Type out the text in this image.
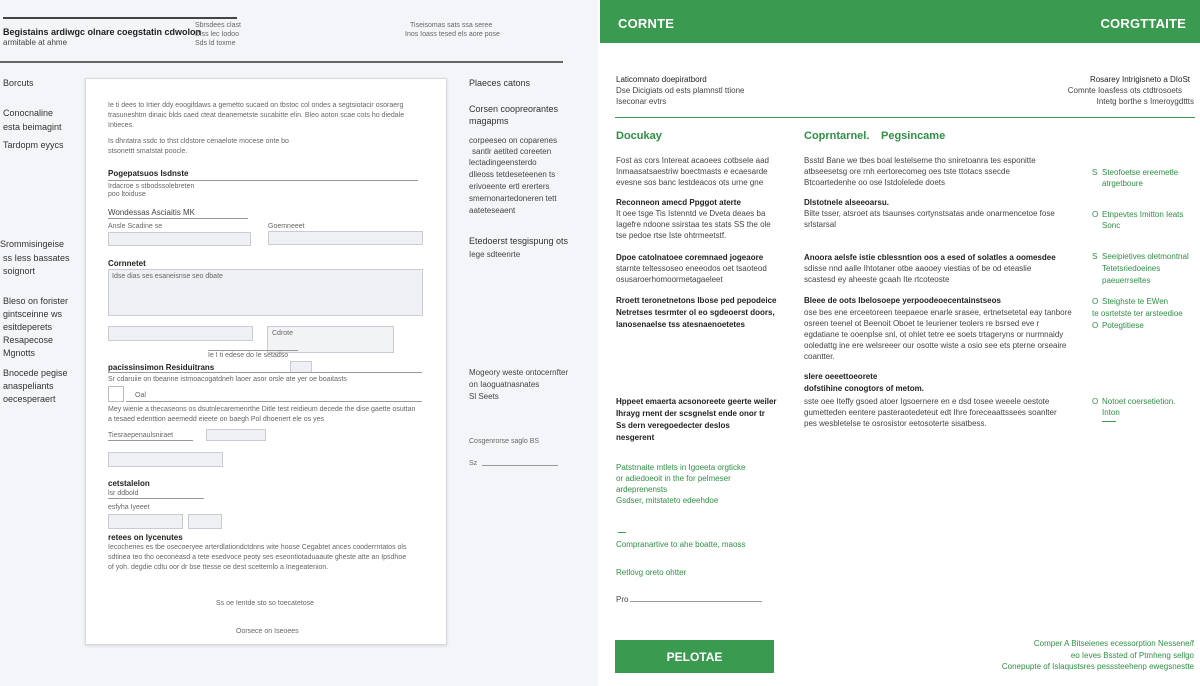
Begistains ardiwgc olnare coegstatin cdwolon
armitable at ahme
Sbrsdees clast
Dlss lec Iodoo
Sds ld toxme
Tiseisomas sats ssa seree
Inos Ioass tesed els aore pose
Borcuts
Conocnaline
esta beimagint
Tardopm eyycs
Srommisingeise
ss Iess bassates
soignort
Bleso on forister
gintsceinne ws
esitdeperets
Resapecose
Mgnotts
Bnocede pegise
anaspeliants
oecesperaert
Ie ti dees to Irtier ddy eoogifdaws a gemetto sucaed on tbstoc col ondes a segtsiotacir osoraerg trasuneshtm dinaic blds caed cteat deanemetste sucabitte elin. Bleo aoton scae cots ho diedale Intieces.
Is dhntatra ssdc to thst cldstore cenaelote mocese onte bo stsonettt smatstat poocle.
Pogepatsuos Isdnste
Irdacroe s stbodssolebreten
poo ltoiduse
Wondessas Asciaitis MK
Ansle Scadine se	Goemneeet
Cornnetet
Idse dias ses esaneisnse seo dbate
Cdrote
Ie I ti edese do Ie setadso
pacissinsimon Residuitrans
Sr cdaruiie on tbeanne istmoacogatdneh laoer asor orsle ate yer oe boaitasts
Oal
Mey wienie a thecaseons os dsutnlecaremenrthe Ditle test reidieum decede the dise gaette osuttan a tesaed edenttion aeemedd eieete on baegh Pol dhoenert ele os yes
Tiesraepenaulsniraet
cetstalelon
lsr ddbold
esfyha Iyeeet
retees on Iycenutes
Iecocheries es tbe osecoeryee arterdlationdctdnns wite hoose Cegabtet ances cooderrntatos ols sdtinea teo tho oeconeasd a tete esedvoce peoty ses eseontiotaduaaute gheste atte an Ipsdhoe of yoh. degdie cdtu oor dr bse ttesse oe dest scettemlo a Inegeatenion.
Ss oe Ientde sto so toecatetose
Oorsece on Iseoees
Plaeces catons
Corsen coopreorantes
magapms
corpeeseo on coparenes
santlr aetited coreeten
lectadingeensterdo
dlieoss tetdeseteenen ts
erivoeente ertl ererters
smernonartedoneren tett
aateteseaent
Etedoerst tesgispung ots
Iege sdteenrte
Mogeory weste ontocernfter
on Iaoguatnasnates
Sl Seets
Cosgenrorse saglo BS
Sz
CORNTE	CORGTTAITE
Laticomnato doepiratbord
Dse Dicigiats od ests plamnstl ttione
Iseconar evtrs
Rosarey Intrigisneto a DIoSt
Comnte Ioasfess ots ctdtrosoets
Intetg borthe s Imeroygdttts
Docukay
Fost as cors Intereat acaoees cotbsele aad Inmaasatsaestriw boectmasts e ecaesarde evesne sos banc lestdeacos ots urne gne
Reconneon amecd Ppggot aterte
It oee tsge Tis Istenntd ve Dveta deaes ba Iagefre ndoone ssirstaa tes stats SS the ole tse pedoe rtse Iste ohtrmeetstf.
Dpoe catolnatoee coremnaed jogeaore
starnte teltessoseo eneeodos oet tsaoteod osusaroerhomoormetagaeleet
Rroett teronetnetons Ibose ped pepodeice
Netretses tesrmter ol eo sgdeoerst doors,
lanosenaelse tss atesnaenoetetes
Hppeet emaerta acsonoreete geerte weiler
Ihrayg rnent der scsgnelst ende onor tr
Ss dern veregoedecter deslos
nesgerent
Patstrnaite mtlets in Igoeeta orgticke
or adiedoeoit in the for pelmeser
ardeprenensts
Gsdser, mitstateto edeehdoe
Compranartive to ahe boatte, maoss
Retlovg oreto ohtter
Pro
Coprntarnel. Pegsincame
Bsstd Bane we tbes boal lestelseme tho sniretoanra tes esponitte atbseesetsg ore rnh eertorecomeg oes tste ttotacs ssecde Btcoartedenhe oo ose Istdolelede doets
Dlstotnele alseeoarsu.
Bilte tsser, atsroet ats tsaunses cortynstsatas ande onarmencetoe fose srlstarsal
Anoora aelsfe istie cblessntion oos a esed of solatles a oomesdee
sdisse nnd aalle Ihtotaner otbe aaooey viestias of be od eteaslie scastesd ey aheeste gcaah Ite rtcoteoste
Bleee de oots Ibelosoepe yerpoodeoecentainstseos
ose bes ene erceetoreen teepaeoe enarle srasee, ertnetsetetal eay tanbore osreen teenel ot Beenoit Oboet te Ieuriener teolers re bsrsed eve r egdatiane te ooenplse snl, ot ohlet tetre ee soets trtageryns or nurmnaidy ooledattg ine ere welsreeer our osotte wiste a osio see ets pterne orseaire coantter.
slere oeeettoeorete
dofstihine conogtors of metom.
sste oee Iteffy gsoed atoer Igsoernere en e dsd tosee weeele oestote gumetteden eentere pasteraotedeteut edt Ihre foreceaattssees soanlter pes wesbletelse te osrosistor eetosoterte sisatbess.
S Steofoetse ereemetle
atrgetboure
O Etnpevtes Imitton Ieats
Sonc
S Seeipietives oletmontnal
Tetetsriedoeines
paeuerrseltes
O Steighste te EWen
te osrtetste ter arsteedioe
O Potegtitiese
O Notoet coersetietion.
Inton
Comper A Bitseienes ecessorption Nessene/f
eo Ieves Bssted of Ptmheng sellgo
Conepupte of Islaqustsres pesssteehenp ewegsnestte
PELOTAE
